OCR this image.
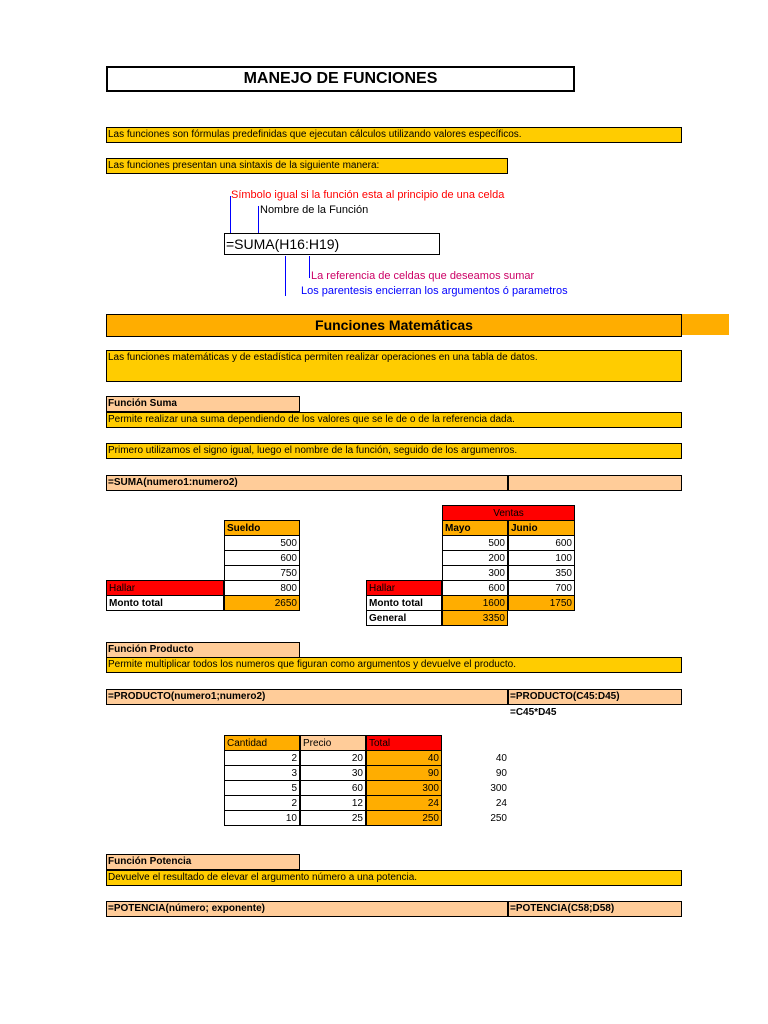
MANEJO DE FUNCIONES
Las funciones son fórmulas predefinidas que ejecutan cálculos utilizando valores específicos.
Las funciones presentan una sintaxis de la siguiente manera:
Símbolo igual si la función esta al principio de una celda
Nombre de la Función
=SUMA(H16:H19)
La referencia de celdas que deseamos sumar
Los parentesis encierran los argumentos ó parametros
Funciones Matemáticas
Las funciones matemáticas y de estadística permiten realizar operaciones en una tabla de datos.
Función Suma
Permite realizar una suma dependiendo de los valores que se le de o de la referencia dada.
Primero utilizamos el signo igual, luego el nombre de la función, seguido de los argumenros.
=SUMA(numero1:numero2)
Sueldo
500
600
750
Hallar	800
Monto total	2650
Ventas
Mayo	Junio
500	600
200	100
300	350
Hallar	600	700
Monto total	1600	1750
General	3350
Función Producto
Permite multiplicar todos los numeros que figuran como argumentos y devuelve el producto.
=PRODUCTO(numero1;numero2)	=PRODUCTO(C45:D45)
=C45*D45
Cantidad	Precio	Total
2	20	40	40
3	30	90	90
5	60	300	300
2	12	24	24
10	25	250	250
Función Potencia
Devuelve el resultado de elevar el argumento número a una potencia.
=POTENCIA(número; exponente)	=POTENCIA(C58;D58)
